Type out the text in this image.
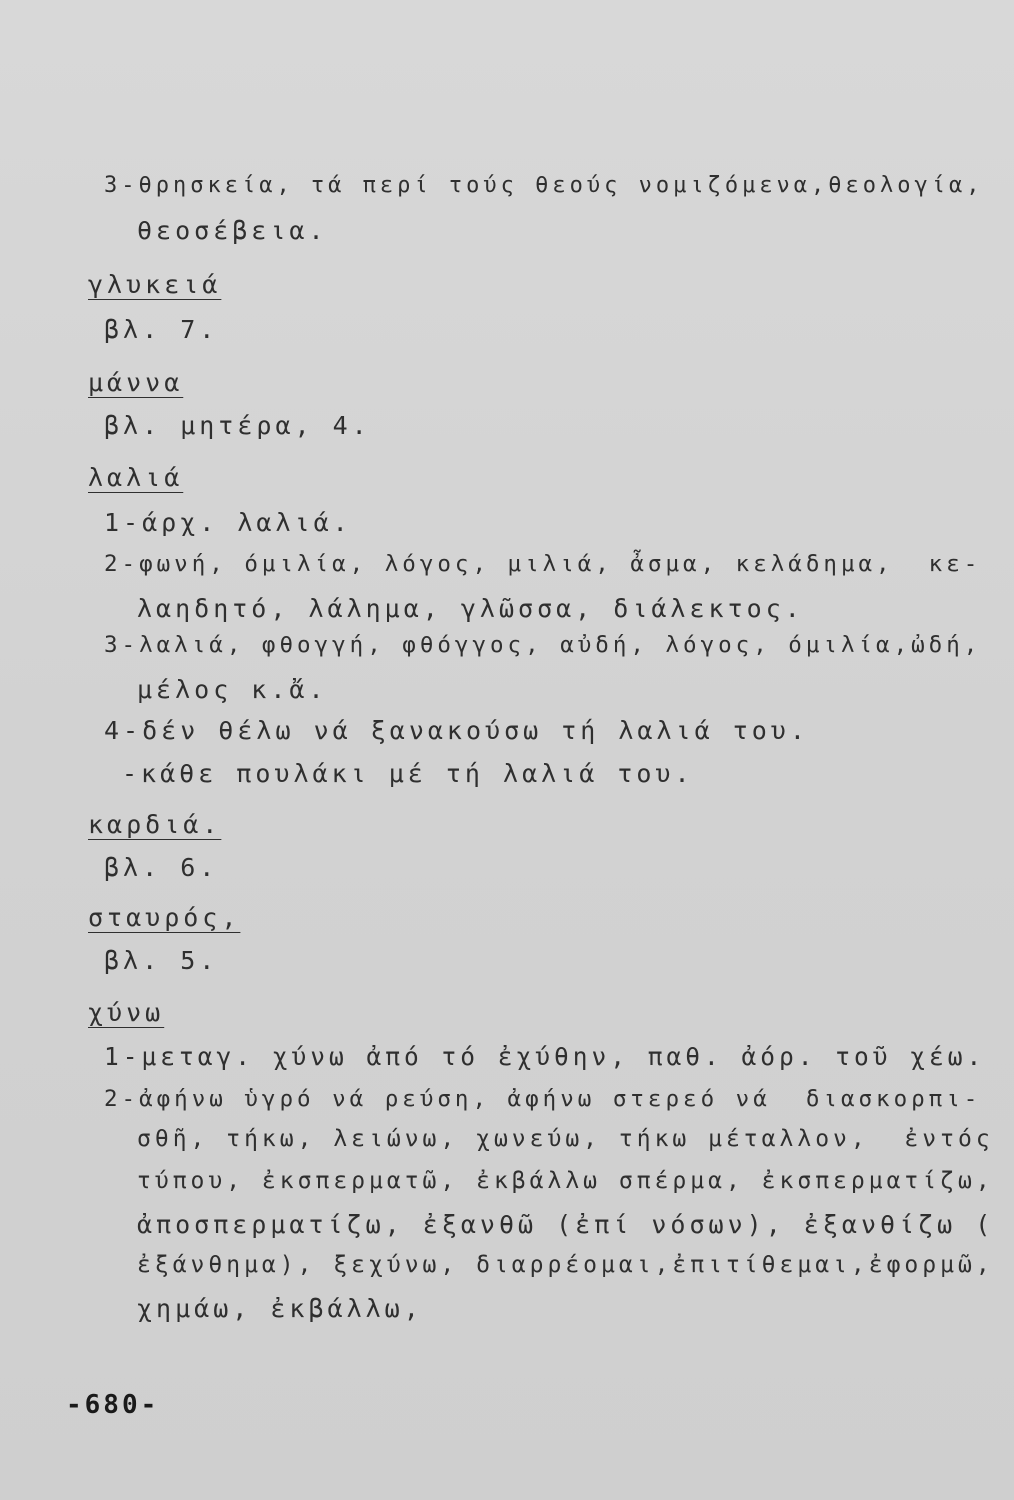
3-θρησκεία, τά περί τούς θεούς νομιζόμενα,θεολογία,
θεοσέβεια.
γλυκειά
βλ. 7.
μάννα
βλ. μητέρα, 4.
λαλιά
1-άρχ. λαλιά.
2-φωνή, όμιλία, λόγος, μιλιά, ἆσμα, κελάδημα,  κε-
λαηδητό, λάλημα, γλῶσσα, διάλεκτος.
3-λαλιά, φθογγή, φθόγγος, αὐδή, λόγος, όμιλία,ὠδή,
μέλος κ.ἄ.
4-δέν θέλω νά ξανακούσω τή λαλιά του.
-κάθε πουλάκι μέ τή λαλιά του.
καρδιά.
βλ. 6.
σταυρός,
βλ. 5.
χύνω
1-μεταγ. χύνω ἀπό τό ἐχύθην, παθ. ἀόρ. τοῦ χέω.
2-ἀφήνω ὑγρό νά ρεύση, ἀφήνω στερεό νά  διασκορπι-
σθῆ, τήκω, λειώνω, χωνεύω, τήκω μέταλλον,  ἐντός
τύπου, ἐκσπερματῶ, ἐκβάλλω σπέρμα, ἐκσπερματίζω,
ἀποσπερματίζω, ἐξανθῶ (ἐπί νόσων), ἐξανθίζω (
ἐξάνθημα), ξεχύνω, διαρρέομαι,ἐπιτίθεμαι,ἐφορμῶ,
χημάω, ἐκβάλλω,
-680-
